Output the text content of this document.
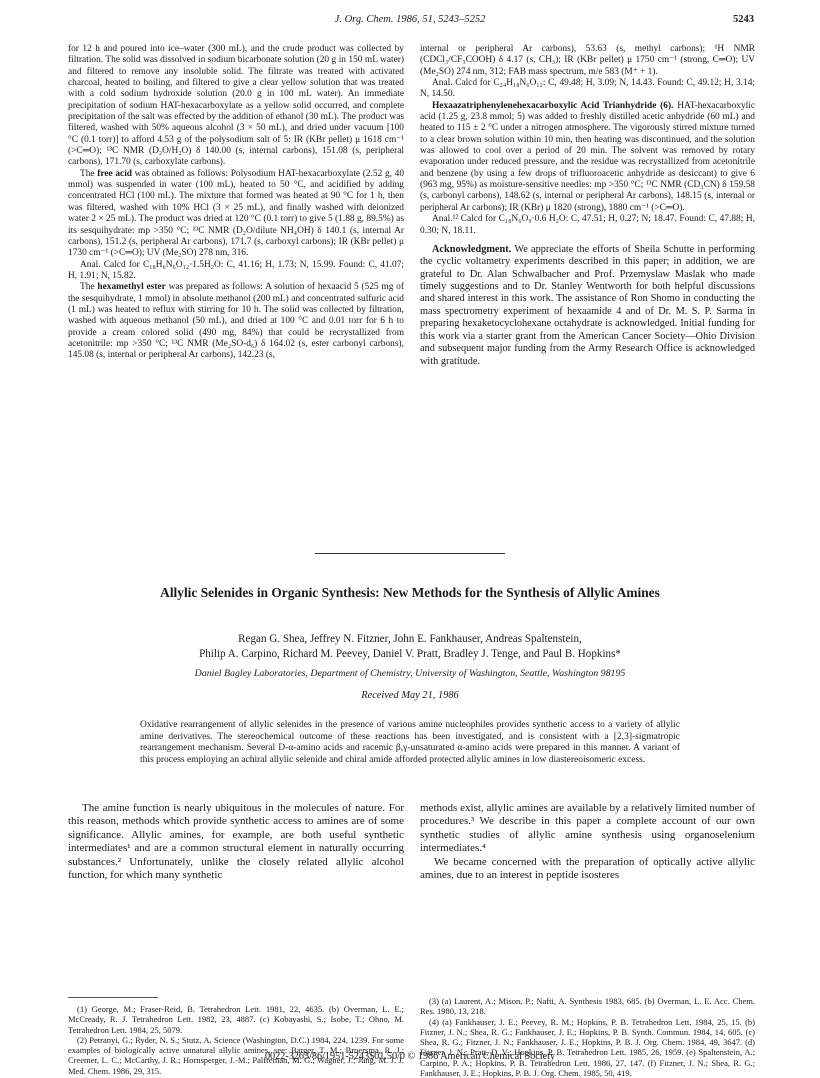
J. Org. Chem. 1986, 51, 5243–5252	5243

for 12 h and poured into ice–water (300 mL), and the crude product was collected by filtration. The solid was dissolved in sodium bicarbonate solution (20 g in 150 mL water) and filtered to remove any insoluble solid. The filtrate was treated with activated charcoal, heated to boiling, and filtered to give a clear yellow solution that was treated with a cold sodium hydroxide solution (20.0 g in 100 mL water). An immediate precipitation of sodium HAT-hexacarboxylate as a yellow solid occurred, and complete precipitation of the salt was effected by the addition of ethanol (30 mL). The product was filtered, washed with 50% aqueous alcohol (3 × 50 mL), and dried under vacuum [100 °C (0.1 torr)] to afford 4.53 g of the polysodium salt of 5: IR (KBr pellet) μ 1618 cm⁻¹ (>C═O); ¹³C NMR (D₂O/H₂O) δ 140.00 (s, internal carbons), 151.08 (s, peripheral carbons), 171.70 (s, carboxylate carbons).

The free acid was obtained as follows: Polysodium HAT-hexacarboxylate (2.52 g, 40 mmol) was suspended in water (100 mL), heated to 50 °C, and acidified by adding concentrated HCl (100 mL). The mixture that formed was heated at 90 °C for 1 h, then was filtered, washed with 10% HCl (3 × 25 mL), and finally washed with deionized water 2 × 25 mL). The product was dried at 120 °C (0.1 torr) to give 5 (1.88 g, 89.5%) as its sesquihydrate: mp >350 °C; ¹³C NMR (D₂O/dilute NH₄OH) δ 140.1 (s, internal Ar carbons), 151.2 (s, peripheral Ar carbons), 171.7 (s, carboxyl carbons); IR (KBr pellet) μ 1730 cm⁻¹ (>C═O); UV (Me₂SO) 278 nm, 316.

Anal. Calcd for C₁₈H₆N₆O₁₂·1.5H₂O: C, 41.16; H, 1.73; N, 15.99. Found: C, 41.07; H, 1.91; N, 15.82.

The hexamethyl ester was prepared as follows: A solution of hexaacid 5 (525 mg of the sesquihydrate, 1 mmol) in absolute methanol (200 mL) and concentrated sulfuric acid (1 mL) was heated to reflux with stirring for 10 h. The solid was collected by filtration, washed with aqueous methanol (50 mL), and dried at 100 °C and 0.01 torr for 6 h to provide a cream colored solid (490 mg, 84%) that could be recrystallized from acetonitrile: mp >350 °C; ¹³C NMR (Me₂SO-d₆) δ 164.02 (s, ester carbonyl carbons), 145.08 (s, internal or peripheral Ar carbons), 142.23 (s,

internal or peripheral Ar carbons), 53.63 (s, methyl carbons); ¹H NMR (CDCl₃/CF₃COOH) δ 4.17 (s, CH₃); IR (KBr pellet) μ 1750 cm⁻¹ (strong, C═O); UV (Me₂SO) 274 nm, 312; FAB mass spectrum, m/e 583 (M⁺ + 1).

Anal. Calcd for C₂₄H₁₈N₆O₁₂: C, 49.48; H, 3.09; N, 14.43. Found: C, 49.12; H, 3.14; N, 14.50.

Hexaazatriphenylenehexacarboxylic Acid Trianhydride (6). HAT-hexacarboxylic acid (1.25 g, 23.8 mmol; 5) was added to freshly distilled acetic anhydride (60 mL) and heated to 115 ± 2 °C under a nitrogen atmosphere. The vigorously stirred mixture turned to a clear brown solution within 10 min, then heating was discontinued, and the solution was allowed to cool over a period of 20 min. The solvent was removed by rotary evaporation under reduced pressure, and the residue was recrystallized from acetonitrile and benzene (by using a few drops of trifluoroacetic anhydride as desiccant) to give 6 (963 mg, 95%) as moisture-sensitive needles: mp >350 °C; ¹³C NMR (CD₃CN) δ 159.58 (s, carbonyl carbons), 148.62 (s, internal or peripheral Ar carbons), 148.15 (s, internal or peripheral Ar carbons); IR (KBr) μ 1820 (strong), 1880 cm⁻¹ (>C═O).

Anal.¹² Calcd for C₁₈N₆O₉·0.6 H₂O: C, 47.51; H, 0.27; N; 18.47. Found: C, 47.88; H, 0.30; N, 18.11.

Acknowledgment. We appreciate the efforts of Sheila Schutte in performing the cyclic voltametry experiments described in this paper; in addition, we are grateful to Dr. Alan Schwalbacher and Prof. Przemyslaw Maslak who made timely suggestions and to Dr. Stanley Wentworth for both helpful discussions and shared interest in this work. The assistance of Ron Shomo in conducting the mass spectrometry experiment of hexaamide 4 and of Dr. M. S. P. Sarma in preparing hexaketocyclohexane octahydrate is acknowledged. Initial funding for this work via a starter grant from the American Cancer Society—Ohio Division and subsequent major funding from the Army Research Office is acknowledged with gratitude.

Allylic Selenides in Organic Synthesis: New Methods for the Synthesis of Allylic Amines
Regan G. Shea, Jeffrey N. Fitzner, John E. Fankhauser, Andreas Spaltenstein,
Philip A. Carpino, Richard M. Peevey, Daniel V. Pratt, Bradley J. Tenge, and Paul B. Hopkins*
Daniel Bagley Laboratories, Department of Chemistry, University of Washington, Seattle, Washington 98195
Received May 21, 1986
Oxidative rearrangement of allylic selenides in the presence of various amine nucleophiles provides synthetic access to a variety of allylic amine derivatives. The stereochemical outcome of these reactions has been investigated, and is consistent with a [2,3]-sigmatropic rearrangement mechanism. Several D-α-amino acids and racemic β,γ-unsaturated α-amino acids were prepared in this manner. A variant of this process employing an achiral allylic selenide and chiral amide afforded protected allylic amines in low diastereoisomeric excess.

The amine function is nearly ubiquitous in the molecules of nature. For this reason, methods which provide synthetic access to amines are of some significance. Allylic amines, for example, are both useful synthetic intermediates¹ and are a common structural element in naturally occurring substances.² Unfortunately, unlike the closely related allylic alcohol function, for which many synthetic

methods exist, allylic amines are available by a relatively limited number of procedures.³ We describe in this paper a complete account of our own synthetic studies of allylic amine synthesis using organoselenium intermediates.⁴

We became concerned with the preparation of optically active allylic amines, due to an interest in peptide isosteres

(1) George, M.; Fraser-Reid, B. Tetrahedron Lett. 1981, 22, 4635. (b) Overman, L. E.; McCready, R. J. Tetrahedron Lett. 1982, 23, 4887. (c) Kobayashi, S.; Isobe, T.; Ohno, M. Tetrahedron Lett. 1984, 25, 5079.

(2) Petranyi, G.; Ryder, N. S.; Stutz, A. Science (Washington, D.C.) 1984, 224, 1239. For some examples of biologically active unnatural allylic amines, see: Barger, T. M.; Broersma, R. J.; Creemer, L. C.; McCarthy, J. R.; Hornsperger, J.-M.; Palfreman, M. G.; Wagner, J.; Jung, M. J. J. Med. Chem. 1986, 29, 315.

(3) (a) Laurent, A.; Mison, P.; Nafti, A. Synthesis 1983, 685. (b) Overman, L. E. Acc. Chem. Res. 1980, 13, 218.

(4) (a) Fankhauser, J. E.; Peevey, R. M.; Hopkins, P. B. Tetrahedron Lett. 1984, 25, 15. (b) Fitzner, J. N.; Shea, R. G.; Fankhauser, J. E.; Hopkins, P. B. Synth. Commun. 1984, 14, 605. (c) Shea, R. G.; Fitzner, J. N.; Fankhauser, J. E.; Hopkins, P. B. J. Org. Chem. 1984, 49, 3647. (d) Fitzner, J. N.; Pratt, D. V.; Hopkins, P. B. Tetrahedron Lett. 1985, 26, 1959. (e) Spaltenstein, A.; Carpino, P. A.; Hopkins, P. B. Tetrahedron Lett. 1986, 27, 147. (f) Fitzner, J. N.; Shea, R. G.; Fankhauser, J. E.; Hopkins, P. B. J. Org. Chem. 1985, 50, 419.

0022-3263/86/1951-5243$01.50/0 © 1986 American Chemical Society
